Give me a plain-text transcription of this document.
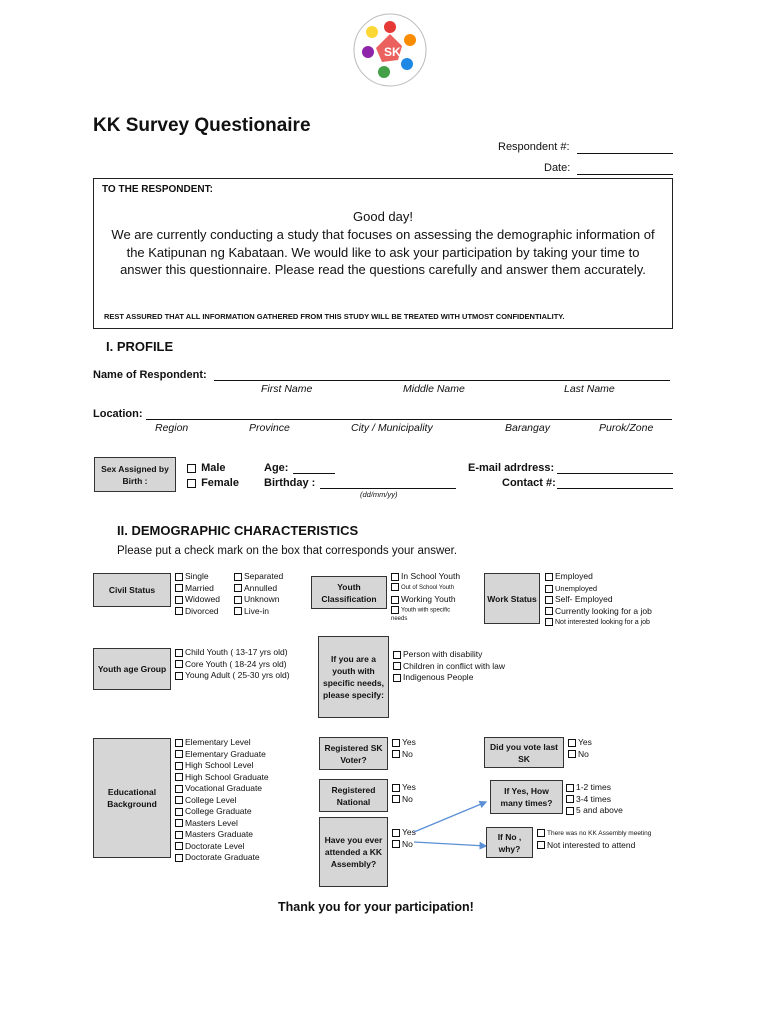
SK
KK Survey Questionaire
Respondent #:
Date:
TO THE RESPONDENT:
Good day!
We are currently conducting a study that focuses on assessing the demographic information of the Katipunan ng Kabataan. We would like to ask your participation by taking your time to answer this questionnaire. Please read the questions carefully and answer them accurately.
REST ASSURED THAT ALL INFORMATION GATHERED FROM THIS STUDY WILL BE TREATED WITH UTMOST CONFIDENTIALITY.
I. PROFILE
Name of Respondent:
First Name	Middle Name	Last Name
Location:
Region	Province	City / Municipality	Barangay	Purok/Zone
Sex Assigned by Birth :
Male
Female
Age:
Birthday :
(dd/mm/yy)
E-mail adrdress:
Contact #:
II. DEMOGRAPHIC CHARACTERISTICS
Please put a check mark on the box that corresponds your answer.
Civil Status
Single
Married
Widowed
Divorced
Separated
Annulled
Unknown
Live-in
Youth Classification
In School Youth
Out of School Youth
Working Youth
Youth with specific needs
Work Status
Employed
Unemployed
Self- Employed
Currently looking for a job
Not interested looking for a job
Youth age Group
Child Youth ( 13-17 yrs old)
Core Youth ( 18-24 yrs old)
Young Adult ( 25-30 yrs old)
If you are a youth with specific needs, please specify:
Person with disability
Children in conflict with law
Indigenous People
Educational Background
Elementary Level
Elementary Graduate
High School Level
High School Graduate
Vocational Graduate
College Level
College Graduate
Masters Level
Masters Graduate
Doctorate Level
Doctorate Graduate
Registered SK Voter?
Yes
No
Registered National
Yes
No
Have you ever attended a KK Assembly?
Yes
No
Did you vote last SK
Yes
No
If Yes, How many times?
1-2 times
3-4 times
5 and above
If No , why?
There was no KK Assembly meeting
Not interested to attend
Thank you for your participation!
